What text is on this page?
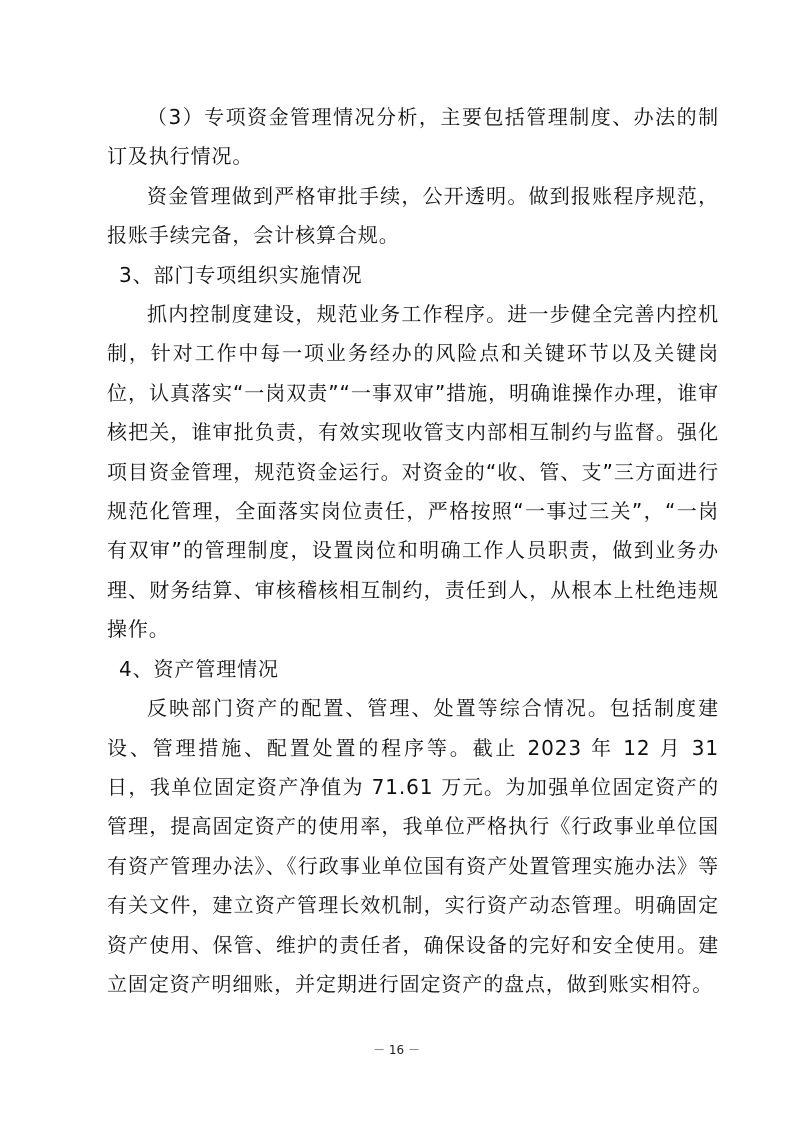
（3）专项资金管理情况分析，主要包括管理制度、办法的制订及执行情况。

资金管理做到严格审批手续，公开透明。做到报账程序规范，报账手续完备，会计核算合规。

3、部门专项组织实施情况

抓内控制度建设，规范业务工作程序。进一步健全完善内控机制，针对工作中每一项业务经办的风险点和关键环节以及关键岗位，认真落实“一岗双责”“一事双审”措施，明确谁操作办理，谁审核把关，谁审批负责，有效实现收管支内部相互制约与监督。强化项目资金管理，规范资金运行。对资金的“收、管、支”三方面进行规范化管理，全面落实岗位责任，严格按照“一事过三关”，“一岗有双审”的管理制度，设置岗位和明确工作人员职责，做到业务办理、财务结算、审核稽核相互制约，责任到人，从根本上杜绝违规操作。

4、资产管理情况

反映部门资产的配置、管理、处置等综合情况。包括制度建设、管理措施、配置处置的程序等。截止 2023 年 12 月 31 日，我单位固定资产净值为 71.61 万元。为加强单位固定资产的管理，提高固定资产的使用率，我单位严格执行《行政事业单位国有资产管理办法》、《行政事业单位国有资产处置管理实施办法》等有关文件，建立资产管理长效机制，实行资产动态管理。明确固定资产使用、保管、维护的责任者，确保设备的完好和安全使用。建立固定资产明细账，并定期进行固定资产的盘点，做到账实相符。

－ 16 －
